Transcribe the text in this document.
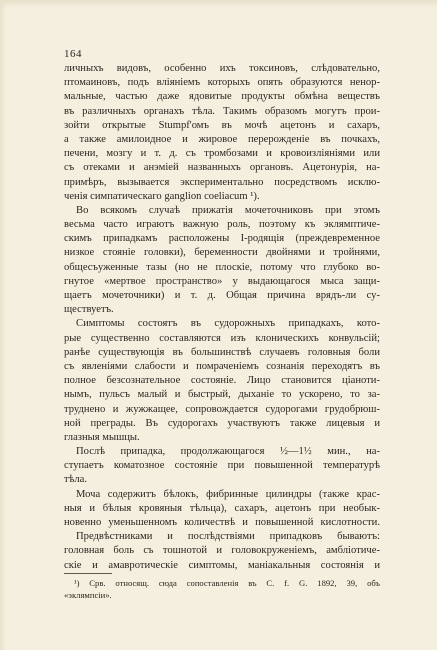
164
личныхъ видовъ, особенно ихъ токсиновъ, слѣдовательно,
птомаиновъ, подъ вліяніемъ которыхъ опять образуются ненор-
мальные, частью даже ядовитые продукты обмѣна веществъ
въ различныхъ органахъ тѣла. Такимъ образомъ могутъ прои-
зойти открытые Stumpf'омъ въ мочѣ ацетонъ и сахаръ,
а также амилоидное и жировое перерожденіе въ почкахъ,
печени, мозгу и т. д. съ тромбозами и кровоизліяніями или
съ отеками и анэміей названныхъ органовъ. Ацетонурія, на-
примѣръ, вызывается экспериментально посредствомъ исклю-
ченія симпатическаго ganglion coeliacum ¹).
Во всякомъ случаѣ прижатія мочеточниковъ при этомъ
весьма часто играютъ важную роль, поэтому къ эклямптиче-
скимъ припадкамъ расположены І-родящія (преждевременное
низкое стояніе головки), беременности двойнями и тройнями,
общесъуженные тазы (но не плоскіе, потому что глубоко во-
гнутое «мертвое пространство» у выдающагося мыса защи-
щаетъ мочеточники) и т. д. Общая причина врядъ-ли су-
ществуетъ.
Симптомы состоятъ въ судорожныхъ припадкахъ, кото-
рые существенно составляются изъ клоническихъ конвульсій;
ранѣе существующія въ большинствѣ случаевъ головныя боли
съ явленіями слабости и помраченіемъ сознанія переходятъ въ
полное безсознательное состояніе. Лицо становится ціаноти-
нымъ, пульсъ малый и быстрый, дыханіе то ускорено, то за-
труднено и жужжащее, сопровождается судорогами грудобрюш-
ной преграды. Въ судорогахъ участвуютъ также лицевыя и
глазныя мышцы.
Послѣ припадка, продолжающагося ½—1½ мин., на-
ступаетъ коматозное состояніе при повышенной температурѣ
тѣла.
Моча содержитъ бѣлокъ, фибринные цилиндры (также крас-
ныя и бѣлыя кровяныя тѣльца), сахаръ, ацетонъ при необык-
новенно уменьшенномъ количествѣ и повышенной кислотности.
Предвѣстниками и послѣдствіями припадковъ бываютъ:
головная боль съ тошнотой и головокруженіемъ, амбліотиче-
скіе и амавротическіе симптомы, маніакальныя состоянія и
¹) Срв. относящ. сюда сопоставленія въ C. f. G. 1892, 39, объ
«эклямпсіи».
